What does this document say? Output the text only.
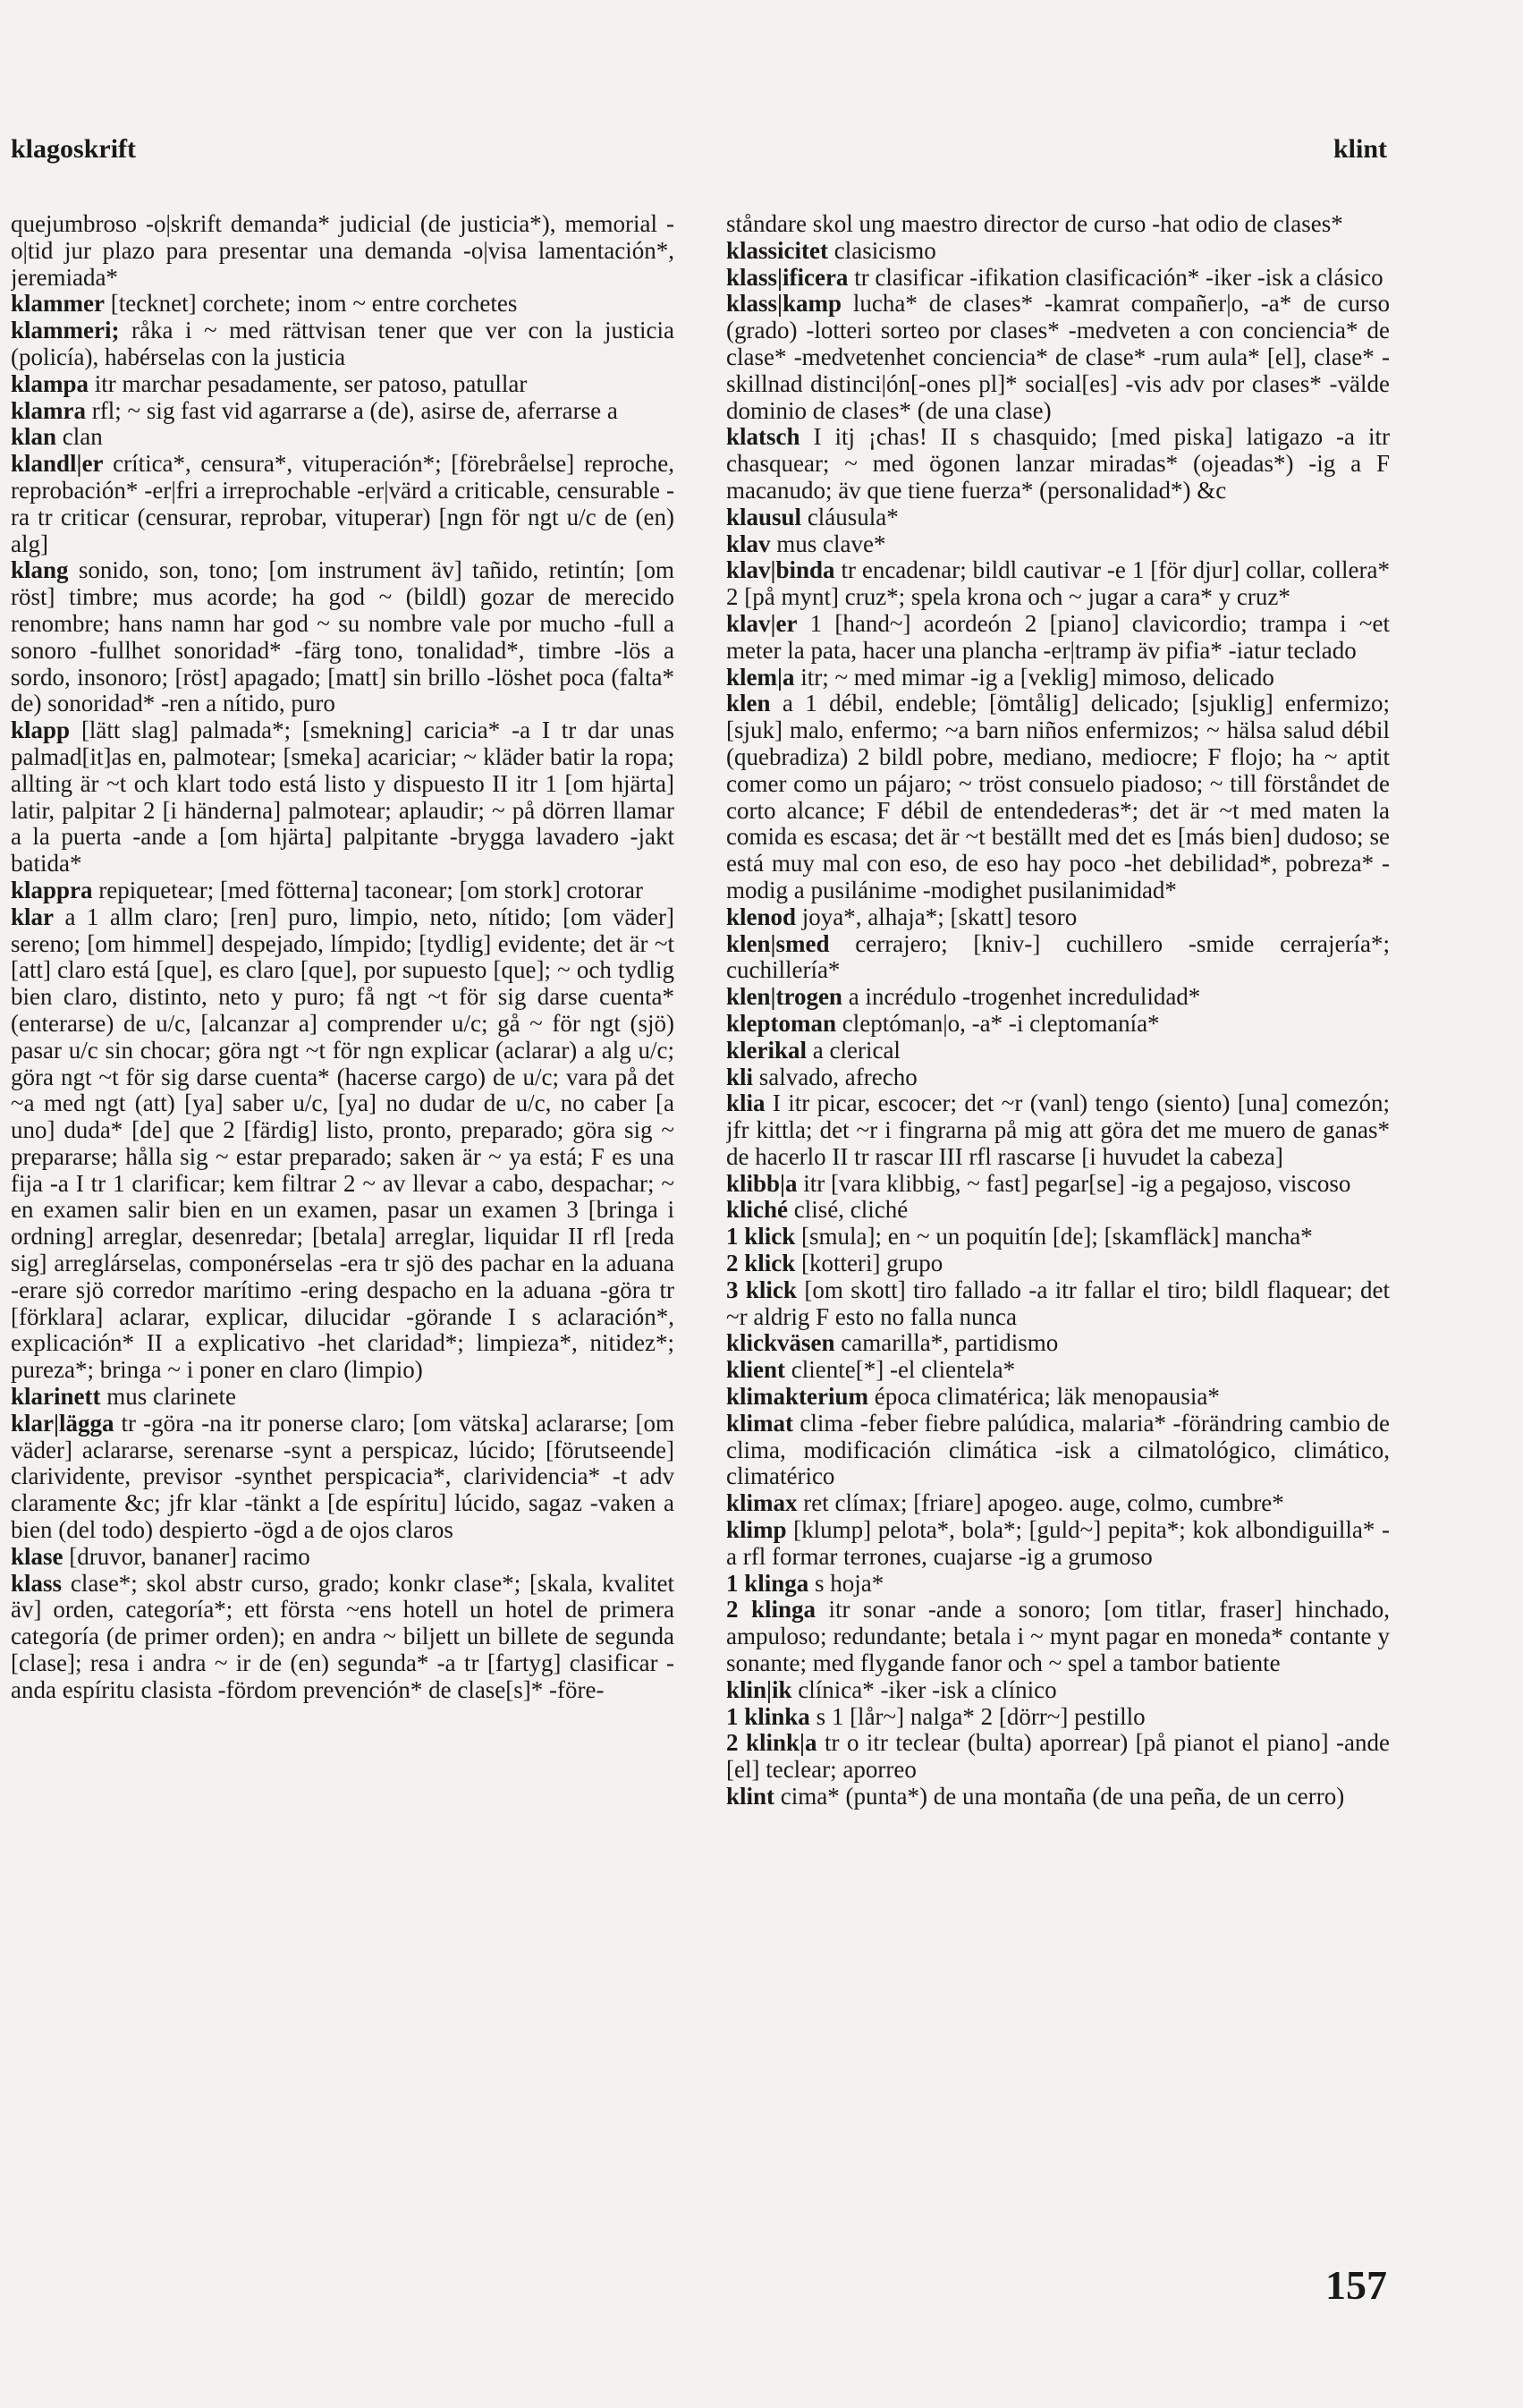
klagoskrift	klint

quejumbroso -o|skrift demanda* judicial (de justicia*), memorial -o|tid jur plazo para presentar una demanda -o|visa lamentación*, jeremiada*

klammer [tecknet] corchete; inom ~ entre corchetes

klammeri; råka i ~ med rättvisan tener que ver con la justicia (policía), habérselas con la justicia

klampa itr marchar pesadamente, ser patoso, patullar

klamra rfl; ~ sig fast vid agarrarse a (de), asirse de, aferrarse a

klan clan

klandl|er crítica*, censura*, vituperación*; [förebråelse] reproche, reprobación* -er|fri a irreprochable -er|värd a criticable, censurable -ra tr criticar (censurar, reprobar, vituperar) [ngn för ngt u/c de (en) alg]

klang sonido, son, tono; [om instrument äv] tañido, retintín; [om röst] timbre; mus acorde; ha god ~ (bildl) gozar de merecido renombre; hans namn har god ~ su nombre vale por mucho -full a sonoro -fullhet sonoridad* -färg tono, tonalidad*, timbre -lös a sordo, insonoro; [röst] apagado; [matt] sin brillo -löshet poca (falta* de) sonoridad* -ren a nítido, puro

klapp [lätt slag] palmada*; [smekning] caricia* -a I tr dar unas palmad[it]as en, palmotear; [smeka] acariciar; ~ kläder batir la ropa; allting är ~t och klart todo está listo y dispuesto II itr 1 [om hjärta] latir, palpitar 2 [i händerna] palmotear; aplaudir; ~ på dörren llamar a la puerta -ande a [om hjärta] palpitante -brygga lavadero -jakt batida*

klappra repiquetear; [med fötterna] taconear; [om stork] crotorar

klar a 1 allm claro; [ren] puro, limpio, neto, nítido; [om väder] sereno; [om himmel] despejado, límpido; [tydlig] evidente; det är ~t [att] claro está [que], es claro [que], por supuesto [que]; ~ och tydlig bien claro, distinto, neto y puro; få ngt ~t för sig darse cuenta* (enterarse) de u/c, [alcanzar a] comprender u/c; gå ~ för ngt (sjö) pasar u/c sin chocar; göra ngt ~t för ngn explicar (aclarar) a alg u/c; göra ngt ~t för sig darse cuenta* (hacerse cargo) de u/c; vara på det ~a med ngt (att) [ya] saber u/c, [ya] no dudar de u/c, no caber [a uno] duda* [de] que 2 [färdig] listo, pronto, preparado; göra sig ~ prepararse; hålla sig ~ estar preparado; saken är ~ ya está; F es una fija -a I tr 1 clarificar; kem filtrar 2 ~ av llevar a cabo, despachar; ~ en examen salir bien en un examen, pasar un examen 3 [bringa i ordning] arreglar, desenredar; [betala] arreglar, liquidar II rfl [reda sig] arreglárselas, componérselas -era tr sjö des pachar en la aduana -erare sjö corredor marítimo -ering despacho en la aduana -göra tr [förklara] aclarar, explicar, dilucidar -görande I s aclaración*, explicación* II a explicativo -het claridad*; limpieza*, nitidez*; pureza*; bringa ~ i poner en claro (limpio)

klarinett mus clarinete

klar|lägga tr -göra -na itr ponerse claro; [om vätska] aclararse; [om väder] aclararse, serenarse -synt a perspicaz, lúcido; [förutseende] clarividente, previsor -synthet perspicacia*, clarividencia* -t adv claramente &c; jfr klar -tänkt a [de espíritu] lúcido, sagaz -vaken a bien (del todo) despierto -ögd a de ojos claros

klase [druvor, bananer] racimo

klass clase*; skol abstr curso, grado; konkr clase*; [skala, kvalitet äv] orden, categoría*; ett första ~ens hotell un hotel de primera categoría (de primer orden); en andra ~ biljett un billete de segunda [clase]; resa i andra ~ ir de (en) segunda* -a tr [fartyg] clasificar -anda espíritu clasista -fördom prevención* de clase[s]* -före-

ståndare skol ung maestro director de curso -hat odio de clases*

klassicitet clasicismo

klass|ificera tr clasificar -ifikation clasificación* -iker -isk a clásico

klass|kamp lucha* de clases* -kamrat compañer|o, -a* de curso (grado) -lotteri sorteo por clases* -medveten a con conciencia* de clase* -medvetenhet conciencia* de clase* -rum aula* [el], clase* -skillnad distinci|ón[-ones pl]* social[es] -vis adv por clases* -välde dominio de clases* (de una clase)

klatsch I itj ¡chas! II s chasquido; [med piska] latigazo -a itr chasquear; ~ med ögonen lanzar miradas* (ojeadas*) -ig a F macanudo; äv que tiene fuerza* (personalidad*) &c

klausul cláusula*

klav mus clave*

klav|binda tr encadenar; bildl cautivar -e 1 [för djur] collar, collera* 2 [på mynt] cruz*; spela krona och ~ jugar a cara* y cruz*

klav|er 1 [hand~] acordeón 2 [piano] clavicordio; trampa i ~et meter la pata, hacer una plancha -er|tramp äv pifia* -iatur teclado

klem|a itr; ~ med mimar -ig a [veklig] mimoso, delicado

klen a 1 débil, endeble; [ömtålig] delicado; [sjuklig] enfermizo; [sjuk] malo, enfermo; ~a barn niños enfermizos; ~ hälsa salud débil (quebradiza) 2 bildl pobre, mediano, mediocre; F flojo; ha ~ aptit comer como un pájaro; ~ tröst consuelo piadoso; ~ till förståndet de corto alcance; F débil de entendederas*; det är ~t med maten la comida es escasa; det är ~t beställt med det es [más bien] dudoso; se está muy mal con eso, de eso hay poco -het debilidad*, pobreza* -modig a pusilánime -modighet pusilanimidad*

klenod joya*, alhaja*; [skatt] tesoro

klen|smed cerrajero; [kniv-] cuchillero -smide cerrajería*; cuchillería*

klen|trogen a incrédulo -trogenhet incredulidad*

kleptoman cleptóman|o, -a* -i cleptomanía*

klerikal a clerical

kli salvado, afrecho

klia I itr picar, escocer; det ~r (vanl) tengo (siento) [una] comezón; jfr kittla; det ~r i fingrarna på mig att göra det me muero de ganas* de hacerlo II tr rascar III rfl rascarse [i huvudet la cabeza]

klibb|a itr [vara klibbig, ~ fast] pegar[se] -ig a pegajoso, viscoso

kliché clisé, cliché

1 klick [smula]; en ~ un poquitín [de]; [skamfläck] mancha*

2 klick [kotteri] grupo

3 klick [om skott] tiro fallado -a itr fallar el tiro; bildl flaquear; det ~r aldrig F esto no falla nunca

klickväsen camarilla*, partidismo

klient cliente[*] -el clientela*

klimakterium época climatérica; läk menopausia*

klimat clima -feber fiebre palúdica, malaria* -förändring cambio de clima, modificación climática -isk a cilmatológico, climático, climatérico

klimax ret clímax; [friare] apogeo. auge, colmo, cumbre*

klimp [klump] pelota*, bola*; [guld~] pepita*; kok albondiguilla* -a rfl formar terrones, cuajarse -ig a grumoso

1 klinga s hoja*

2 klinga itr sonar -ande a sonoro; [om titlar, fraser] hinchado, ampuloso; redundante; betala i ~ mynt pagar en moneda* contante y sonante; med flygande fanor och ~ spel a tambor batiente

klin|ik clínica* -iker -isk a clínico

1 klinka s 1 [lår~] nalga* 2 [dörr~] pestillo

2 klink|a tr o itr teclear (bulta) aporrear) [på pianot el piano] -ande [el] teclear; aporreo

klint cima* (punta*) de una montaña (de una peña, de un cerro)

157
